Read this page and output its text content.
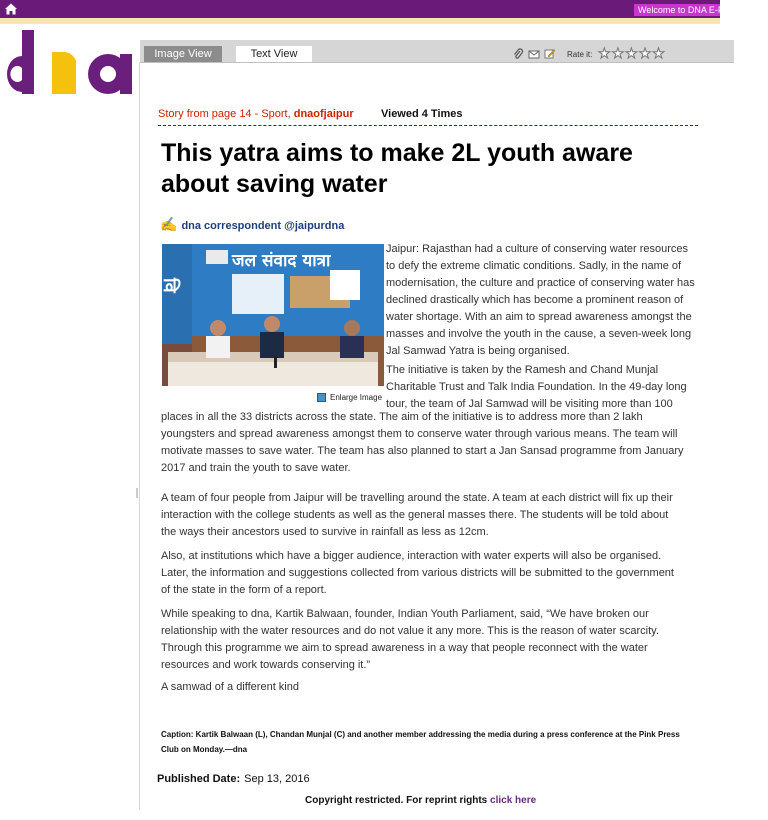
Welcome to DNA E-Paper
Image View	Text View	Rate it: ★★★★★
Story from page 14 - Sport, dnaofjaipur Viewed 4 Times
This yatra aims to make 2L youth aware about saving water
✍ dna correspondent @jaipurdna
वि
जल संवाद यात्रा
Enlarge Image

Jaipur: Rajasthan had a culture of conserving water resources to defy the extreme climatic conditions. Sadly, in the name of modernisation, the culture and practice of conserving water has declined drastically which has become a prominent reason of water shortage. With an aim to spread awareness amongst the masses and involve the youth in the cause, a seven-week long Jal Samwad Yatra is being organised.

The initiative is taken by the Ramesh and Chand Munjal Charitable Trust and Talk India Foundation. In the 49-day long tour, the team of Jal Samwad will be visiting more than 100

places in all the 33 districts across the state. The aim of the initiative is to address more than 2 lakh youngsters and spread awareness amongst them to conserve water through various means. The team will motivate masses to save water. The team has also planned to start a Jan Sansad programme from January 2017 and train the youth to save water.

A team of four people from Jaipur will be travelling around the state. A team at each district will fix up their interaction with the college students as well as the general masses there. The students will be told about the ways their ancestors used to survive in rainfall as less as 12cm.

Also, at institutions which have a bigger audience, interaction with water experts will also be organised. Later, the information and suggestions collected from various districts will be submitted to the government of the state in the form of a report.

While speaking to dna, Kartik Balwaan, founder, Indian Youth Parliament, said, “We have broken our relationship with the water resources and do not value it any more. This is the reason of water scarcity. Through this programme we aim to spread awareness in a way that people reconnect with the water resources and work towards conserving it.”

A samwad of a different kind

Caption: Kartik Balwaan (L), Chandan Munjal (C) and another member addressing the media during a press conference at the Pink Press Club on Monday.—dna
Published Date: Sep 13, 2016
Copyright restricted. For reprint rights click here
